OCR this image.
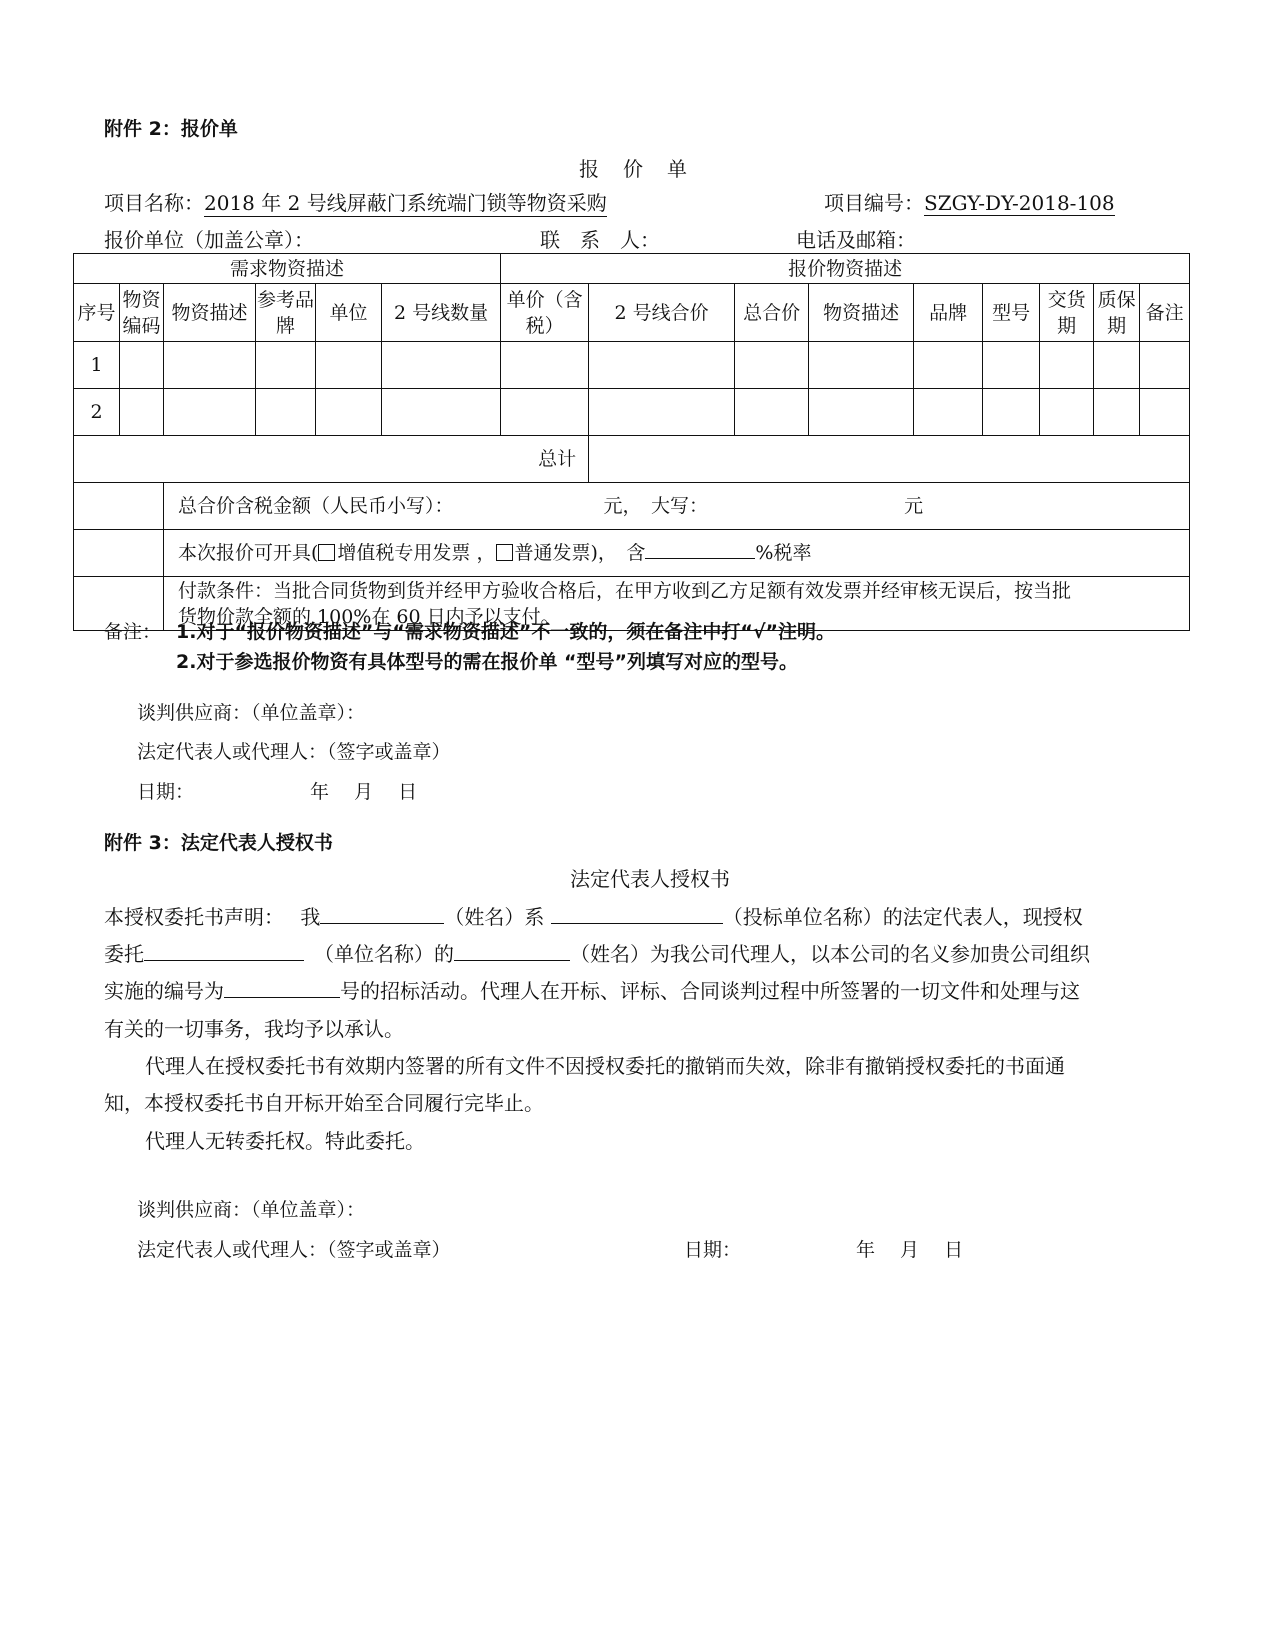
附件 2：报价单
报　价　单
项目名称：2018 年 2 号线屏蔽门系统端门锁等物资采购	项目编号：SZGY-DY-2018-108
报价单位（加盖公章）：	联　系　人：	电话及邮箱：
需求物资描述						报价物资描述								
序号	物资编码	物资描述	参考品牌	单位	2 号线数量	单价（含税）	2 号线合价	总合价	物资描述	品牌	型号	交货期	质保期	备注
1														
2														
总计														
		总合价含税金额（人民币小写）： 元，　 大写： 元												
		本次报价可开具( 增值税专用发票 ， 普通发票)，　含 %税率												

		付款条件：当批合同货物到货并经甲方验收合格后，在甲方收到乙方足额有效发票并经审核无误后，按当批
货物价款全额的 100%在 60 日内予以支付。												
备注： 1.对于“报价物资描述”与“需求物资描述”不一致的，须在备注中打“√”注明。
2.对于参选报价物资有具体型号的需在报价单 “型号”列填写对应的型号。
谈判供应商：（单位盖章）：
法定代表人或代理人：（签字或盖章）
日期：	年　 月　 日
附件 3：法定代表人授权书
法定代表人授权书
本授权委托书声明：　 我	（姓名）系	（投标单位名称）的法定代表人，现授权
委托　	（单位名称）的	（姓名）为我公司代理人，以本公司的名义参加贵公司组织
实施的编号为	号的招标活动。代理人在开标、评标、合同谈判过程中所签署的一切文件和处理与这
有关的一切事务，我均予以承认。
代理人在授权委托书有效期内签署的所有文件不因授权委托的撤销而失效，除非有撤销授权委托的书面通
知，本授权委托书自开标开始至合同履行完毕止。
代理人无转委托权。特此委托。
谈判供应商：（单位盖章）：
法定代表人或代理人：（签字或盖章）	日期：	年　 月　 日
